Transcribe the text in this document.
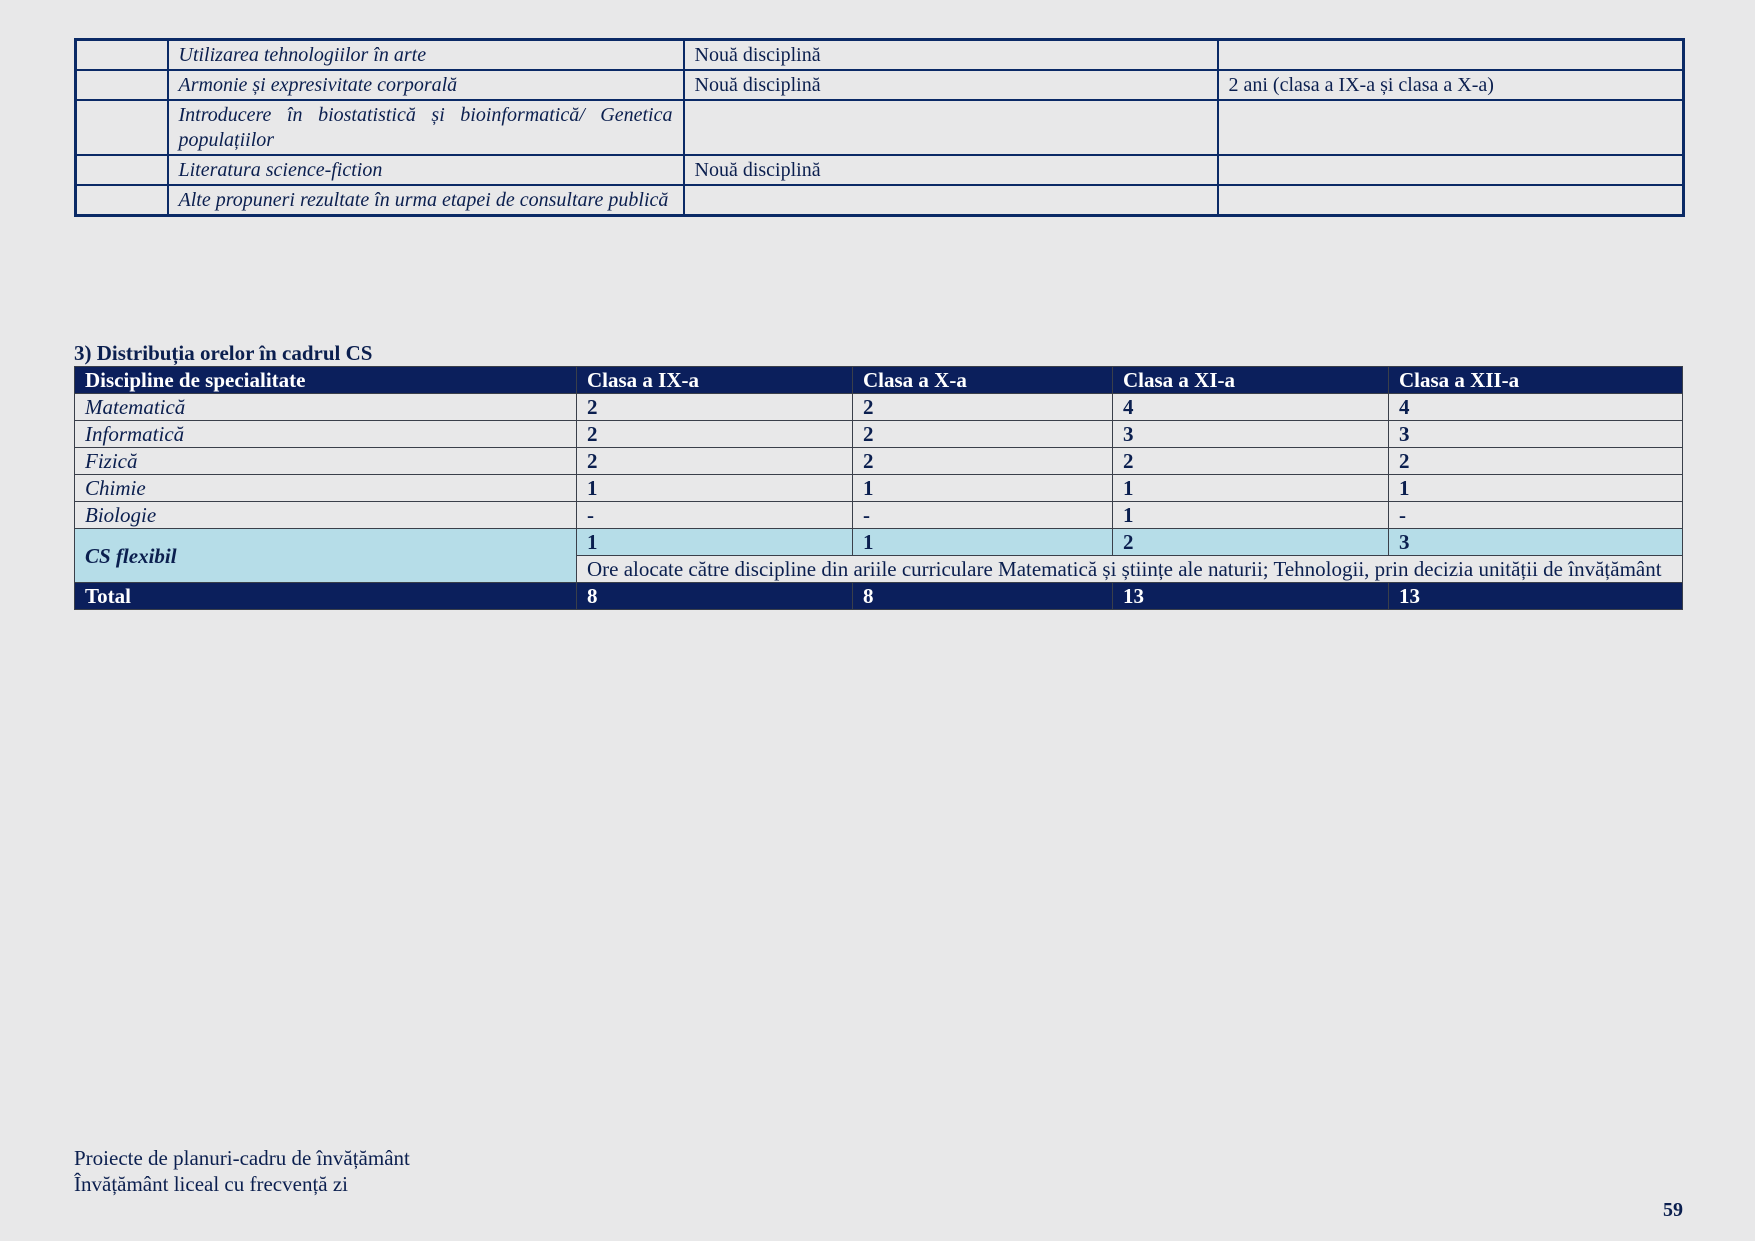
	Utilizarea tehnologiilor în arte	Nouă disciplină	
	Armonie și expresivitate corporală	Nouă disciplină	2 ani (clasa a IX-a și clasa a X-a)
	Introducere în biostatistică și bioinformatică/ Genetica populațiilor		
	Literatura science-fiction	Nouă disciplină	
	Alte propuneri rezultate în urma etapei de consultare publică		
3) Distribuția orelor în cadrul CS
Discipline de specialitate	Clasa a IX-a	Clasa a X-a	Clasa a XI-a	Clasa a XII-a
Matematică	2	2	4	4
Informatică	2	2	3	3
Fizică	2	2	2	2
Chimie	1	1	1	1
Biologie	-	-	1	-
CS flexibil	1	1	2	3
	Ore alocate către discipline din ariile curriculare Matematică și științe ale naturii; Tehnologii, prin decizia unității de învățământ			
Total	8	8	13	13
Proiecte de planuri-cadru de învățământ
Învățământ liceal cu frecvență zi
59
